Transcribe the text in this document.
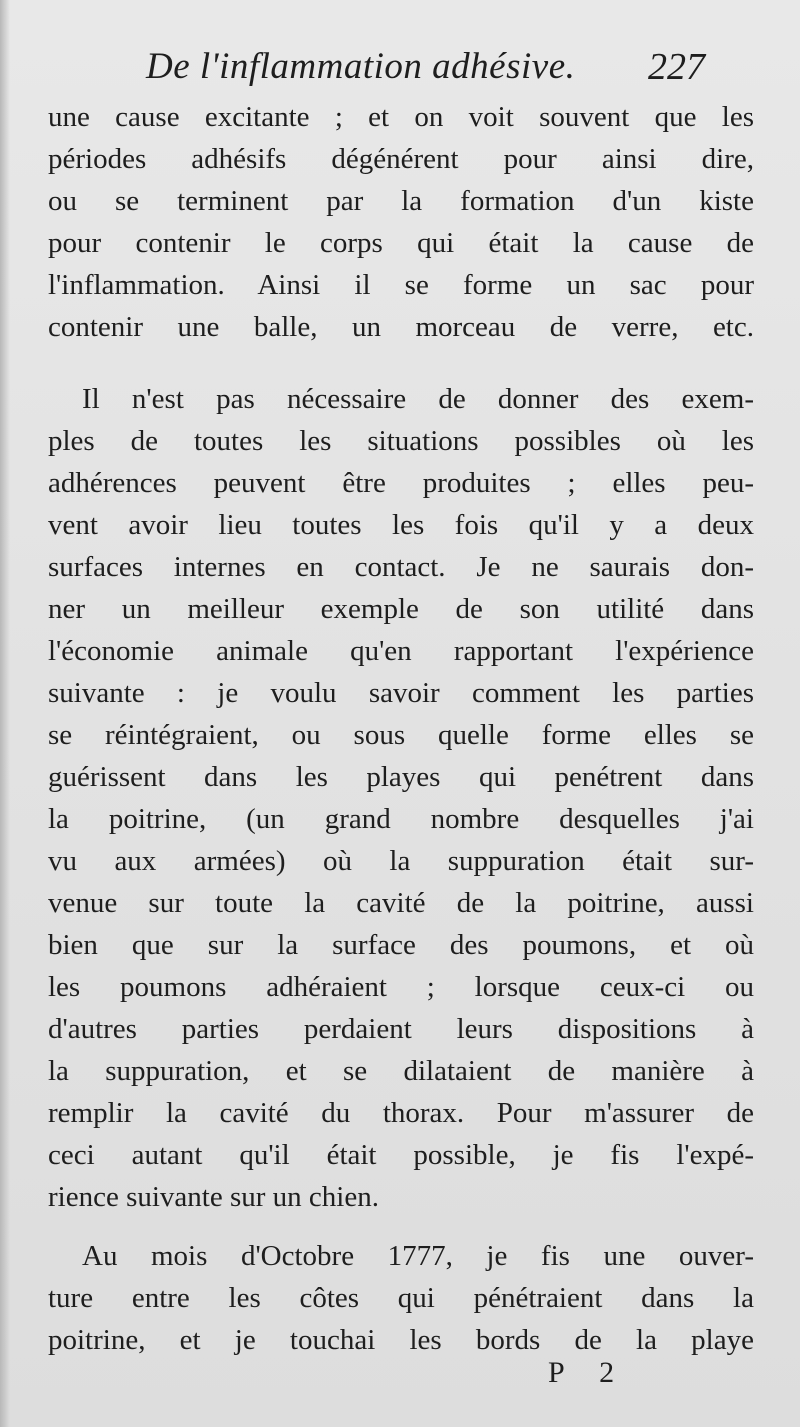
De l'inflammation adhésive. 227
une cause excitante ; et on voit souvent que les
périodes adhésifs dégénérent pour ainsi dire,
ou se terminent par la formation d'un kiste
pour contenir le corps qui était la cause de
l'inflammation. Ainsi il se forme un sac pour
contenir une balle, un morceau de verre, etc.
Il n'est pas nécessaire de donner des exem-
ples de toutes les situations possibles où les
adhérences peuvent être produites ; elles peu-
vent avoir lieu toutes les fois qu'il y a deux
surfaces internes en contact. Je ne saurais don-
ner un meilleur exemple de son utilité dans
l'économie animale qu'en rapportant l'expérience
suivante : je voulu savoir comment les parties
se réintégraient, ou sous quelle forme elles se
guérissent dans les playes qui penétrent dans
la poitrine, (un grand nombre desquelles j'ai
vu aux armées) où la suppuration était sur-
venue sur toute la cavité de la poitrine, aussi
bien que sur la surface des poumons, et où
les poumons adhéraient ; lorsque ceux-ci ou
d'autres parties perdaient leurs dispositions à
la suppuration, et se dilataient de manière à
remplir la cavité du thorax. Pour m'assurer de
ceci autant qu'il était possible, je fis l'expé-
rience suivante sur un chien.
Au mois d'Octobre 1777, je fis une ouver-
ture entre les côtes qui pénétraient dans la
poitrine, et je touchai les bords de la playe
P 2
